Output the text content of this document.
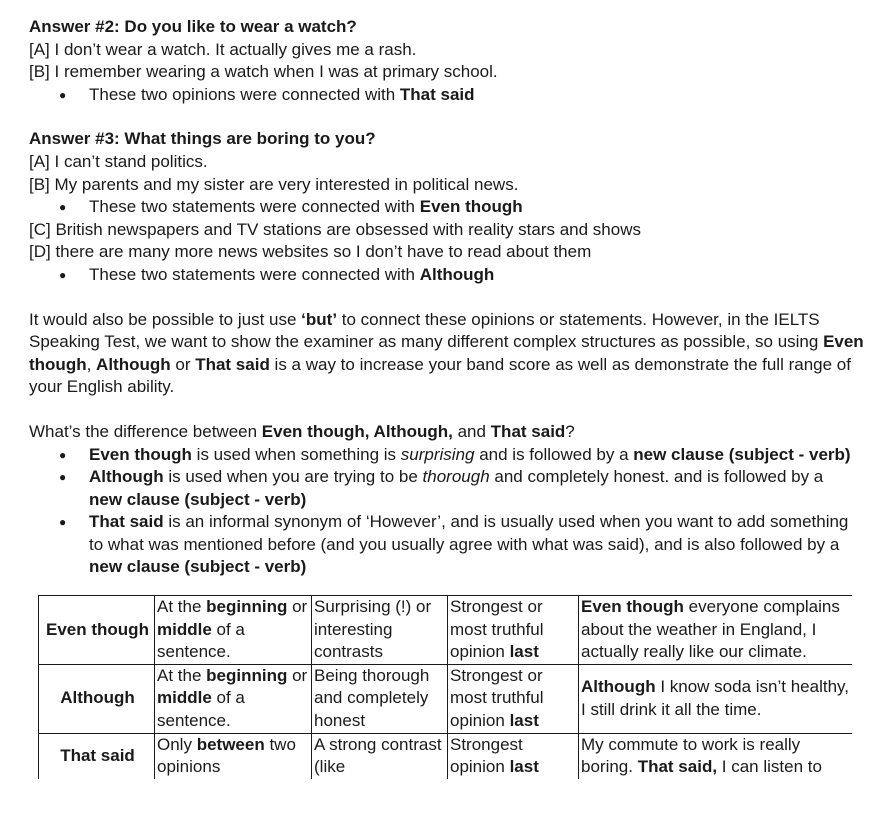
Answer #2: Do you like to wear a watch?

[A] I don’t wear a watch. It actually gives me a rash.

[B] I remember wearing a watch when I was at primary school.

● These two opinions were connected with That said

Answer #3: What things are boring to you?

[A] I can’t stand politics.

[B] My parents and my sister are very interested in political news.

● These two statements were connected with Even though

[C] British newspapers and TV stations are obsessed with reality stars and shows

[D] there are many more news websites so I don’t have to read about them

● These two statements were connected with Although

It would also be possible to just use ‘but’ to connect these opinions or statements. However, in the IELTS Speaking Test, we want to show the examiner as many different complex structures as possible, so using Even though, Although or That said is a way to increase your band score as well as demonstrate the full range of your English ability.

What’s the difference between Even though, Although, and That said?

● Even though is used when something is surprising and is followed by a new clause (subject - verb)
● Although is used when you are trying to be thorough and completely honest. and is followed by a new clause (subject - verb)
● That said is an informal synonym of ‘However’, and is usually used when you want to add something to what was mentioned before (and you usually agree with what was said), and is also followed by a new clause (subject - verb)
Even though	At the beginning or middle of a sentence.	Surprising (!) or interesting contrasts	Strongest or most truthful opinion last	Even though everyone complains about the weather in England, I actually really like our climate.
Although	At the beginning or middle of a sentence.	Being thorough and completely honest	Strongest or most truthful opinion last	Although I know soda isn’t healthy, I still drink it all the time.
That said	Only between two opinions	A strong contrast (like	Strongest opinion last	My commute to work is really boring. That said, I can listen to
